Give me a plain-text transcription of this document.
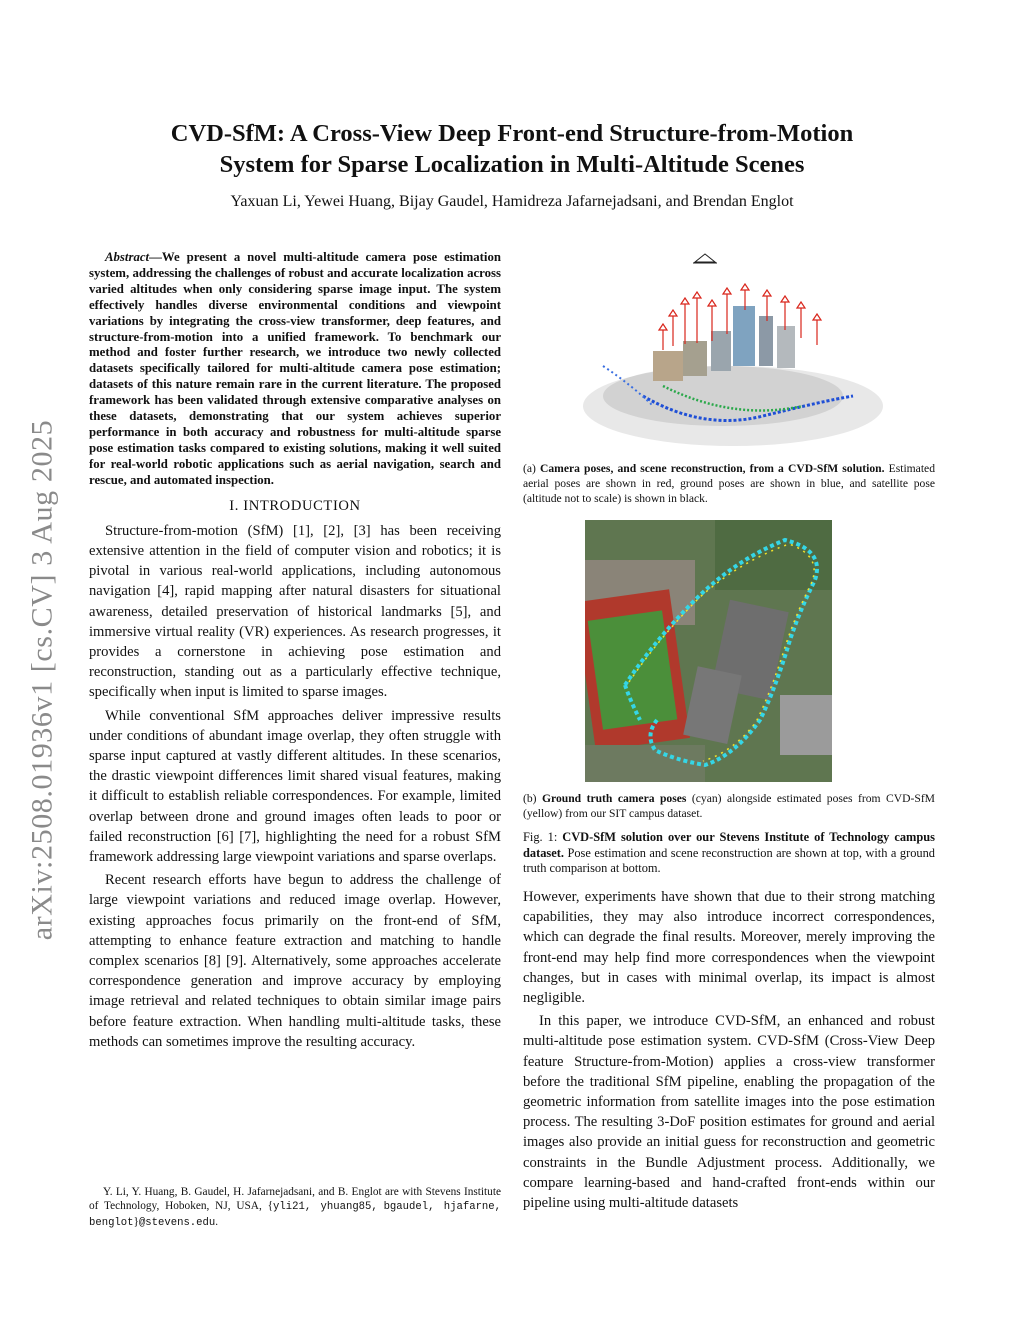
arXiv:2508.01936v1 [cs.CV] 3 Aug 2025
CVD-SfM: A Cross-View Deep Front-end Structure-from-Motion
System for Sparse Localization in Multi-Altitude Scenes
Yaxuan Li, Yewei Huang, Bijay Gaudel, Hamidreza Jafarnejadsani, and Brendan Englot

Abstract—We present a novel multi-altitude camera pose estimation system, addressing the challenges of robust and accurate localization across varied altitudes when only considering sparse image input. The system effectively handles diverse environmental conditions and viewpoint variations by integrating the cross-view transformer, deep features, and structure-from-motion into a unified framework. To benchmark our method and foster further research, we introduce two newly collected datasets specifically tailored for multi-altitude camera pose estimation; datasets of this nature remain rare in the current literature. The proposed framework has been validated through extensive comparative analyses on these datasets, demonstrating that our system achieves superior performance in both accuracy and robustness for multi-altitude sparse pose estimation tasks compared to existing solutions, making it well suited for real-world robotic applications such as aerial navigation, search and rescue, and automated inspection.

I. INTRODUCTION

Structure-from-motion (SfM) [1], [2], [3] has been receiving extensive attention in the field of computer vision and robotics; it is pivotal in various real-world applications, including autonomous navigation [4], rapid mapping after natural disasters for situational awareness, detailed preservation of historical landmarks [5], and immersive virtual reality (VR) experiences. As research progresses, it provides a cornerstone in achieving pose estimation and reconstruction, standing out as a particularly effective technique, specifically when input is limited to sparse images.

While conventional SfM approaches deliver impressive results under conditions of abundant image overlap, they often struggle with sparse input captured at vastly different altitudes. In these scenarios, the drastic viewpoint differences limit shared visual features, making it difficult to establish reliable correspondences. For example, limited overlap between drone and ground images often leads to poor or failed reconstruction [6] [7], highlighting the need for a robust SfM framework addressing large viewpoint variations and sparse overlaps.

Recent research efforts have begun to address the challenge of large viewpoint variations and reduced image overlap. However, existing approaches focus primarily on the front-end of SfM, attempting to enhance feature extraction and matching to handle complex scenarios [8] [9]. Alternatively, some approaches accelerate correspondence generation and improve accuracy by employing image retrieval and related techniques to obtain similar image pairs before feature extraction. When handling multi-altitude tasks, these methods can sometimes improve the resulting accuracy.

Y. Li, Y. Huang, B. Gaudel, H. Jafarnejadsani, and B. Englot are with Stevens Institute of Technology, Hoboken, NJ, USA, {yli21, yhuang85, bgaudel, hjafarne, benglot}@stevens.edu.
(a) Camera poses, and scene reconstruction, from a CVD-SfM solution. Estimated aerial poses are shown in red, ground poses are shown in blue, and satellite pose (altitude not to scale) is shown in black.
(b) Ground truth camera poses (cyan) alongside estimated poses from CVD-SfM (yellow) from our SIT campus dataset.
Fig. 1: CVD-SfM solution over our Stevens Institute of Technology campus dataset. Pose estimation and scene reconstruction are shown at top, with a ground truth comparison at bottom.

However, experiments have shown that due to their strong matching capabilities, they may also introduce incorrect correspondences, which can degrade the final results. Moreover, merely improving the front-end may help find more correspondences when the viewpoint changes, but in cases with minimal overlap, its impact is almost negligible.

In this paper, we introduce CVD-SfM, an enhanced and robust multi-altitude pose estimation system. CVD-SfM (Cross-View Deep feature Structure-from-Motion) applies a cross-view transformer before the traditional SfM pipeline, enabling the propagation of the geometric information from satellite images into the pose estimation process. The resulting 3-DoF position estimates for ground and aerial images also provide an initial guess for reconstruction and geometric constraints in the Bundle Adjustment process. Additionally, we compare learning-based and hand-crafted front-ends within our pipeline using multi-altitude datasets
